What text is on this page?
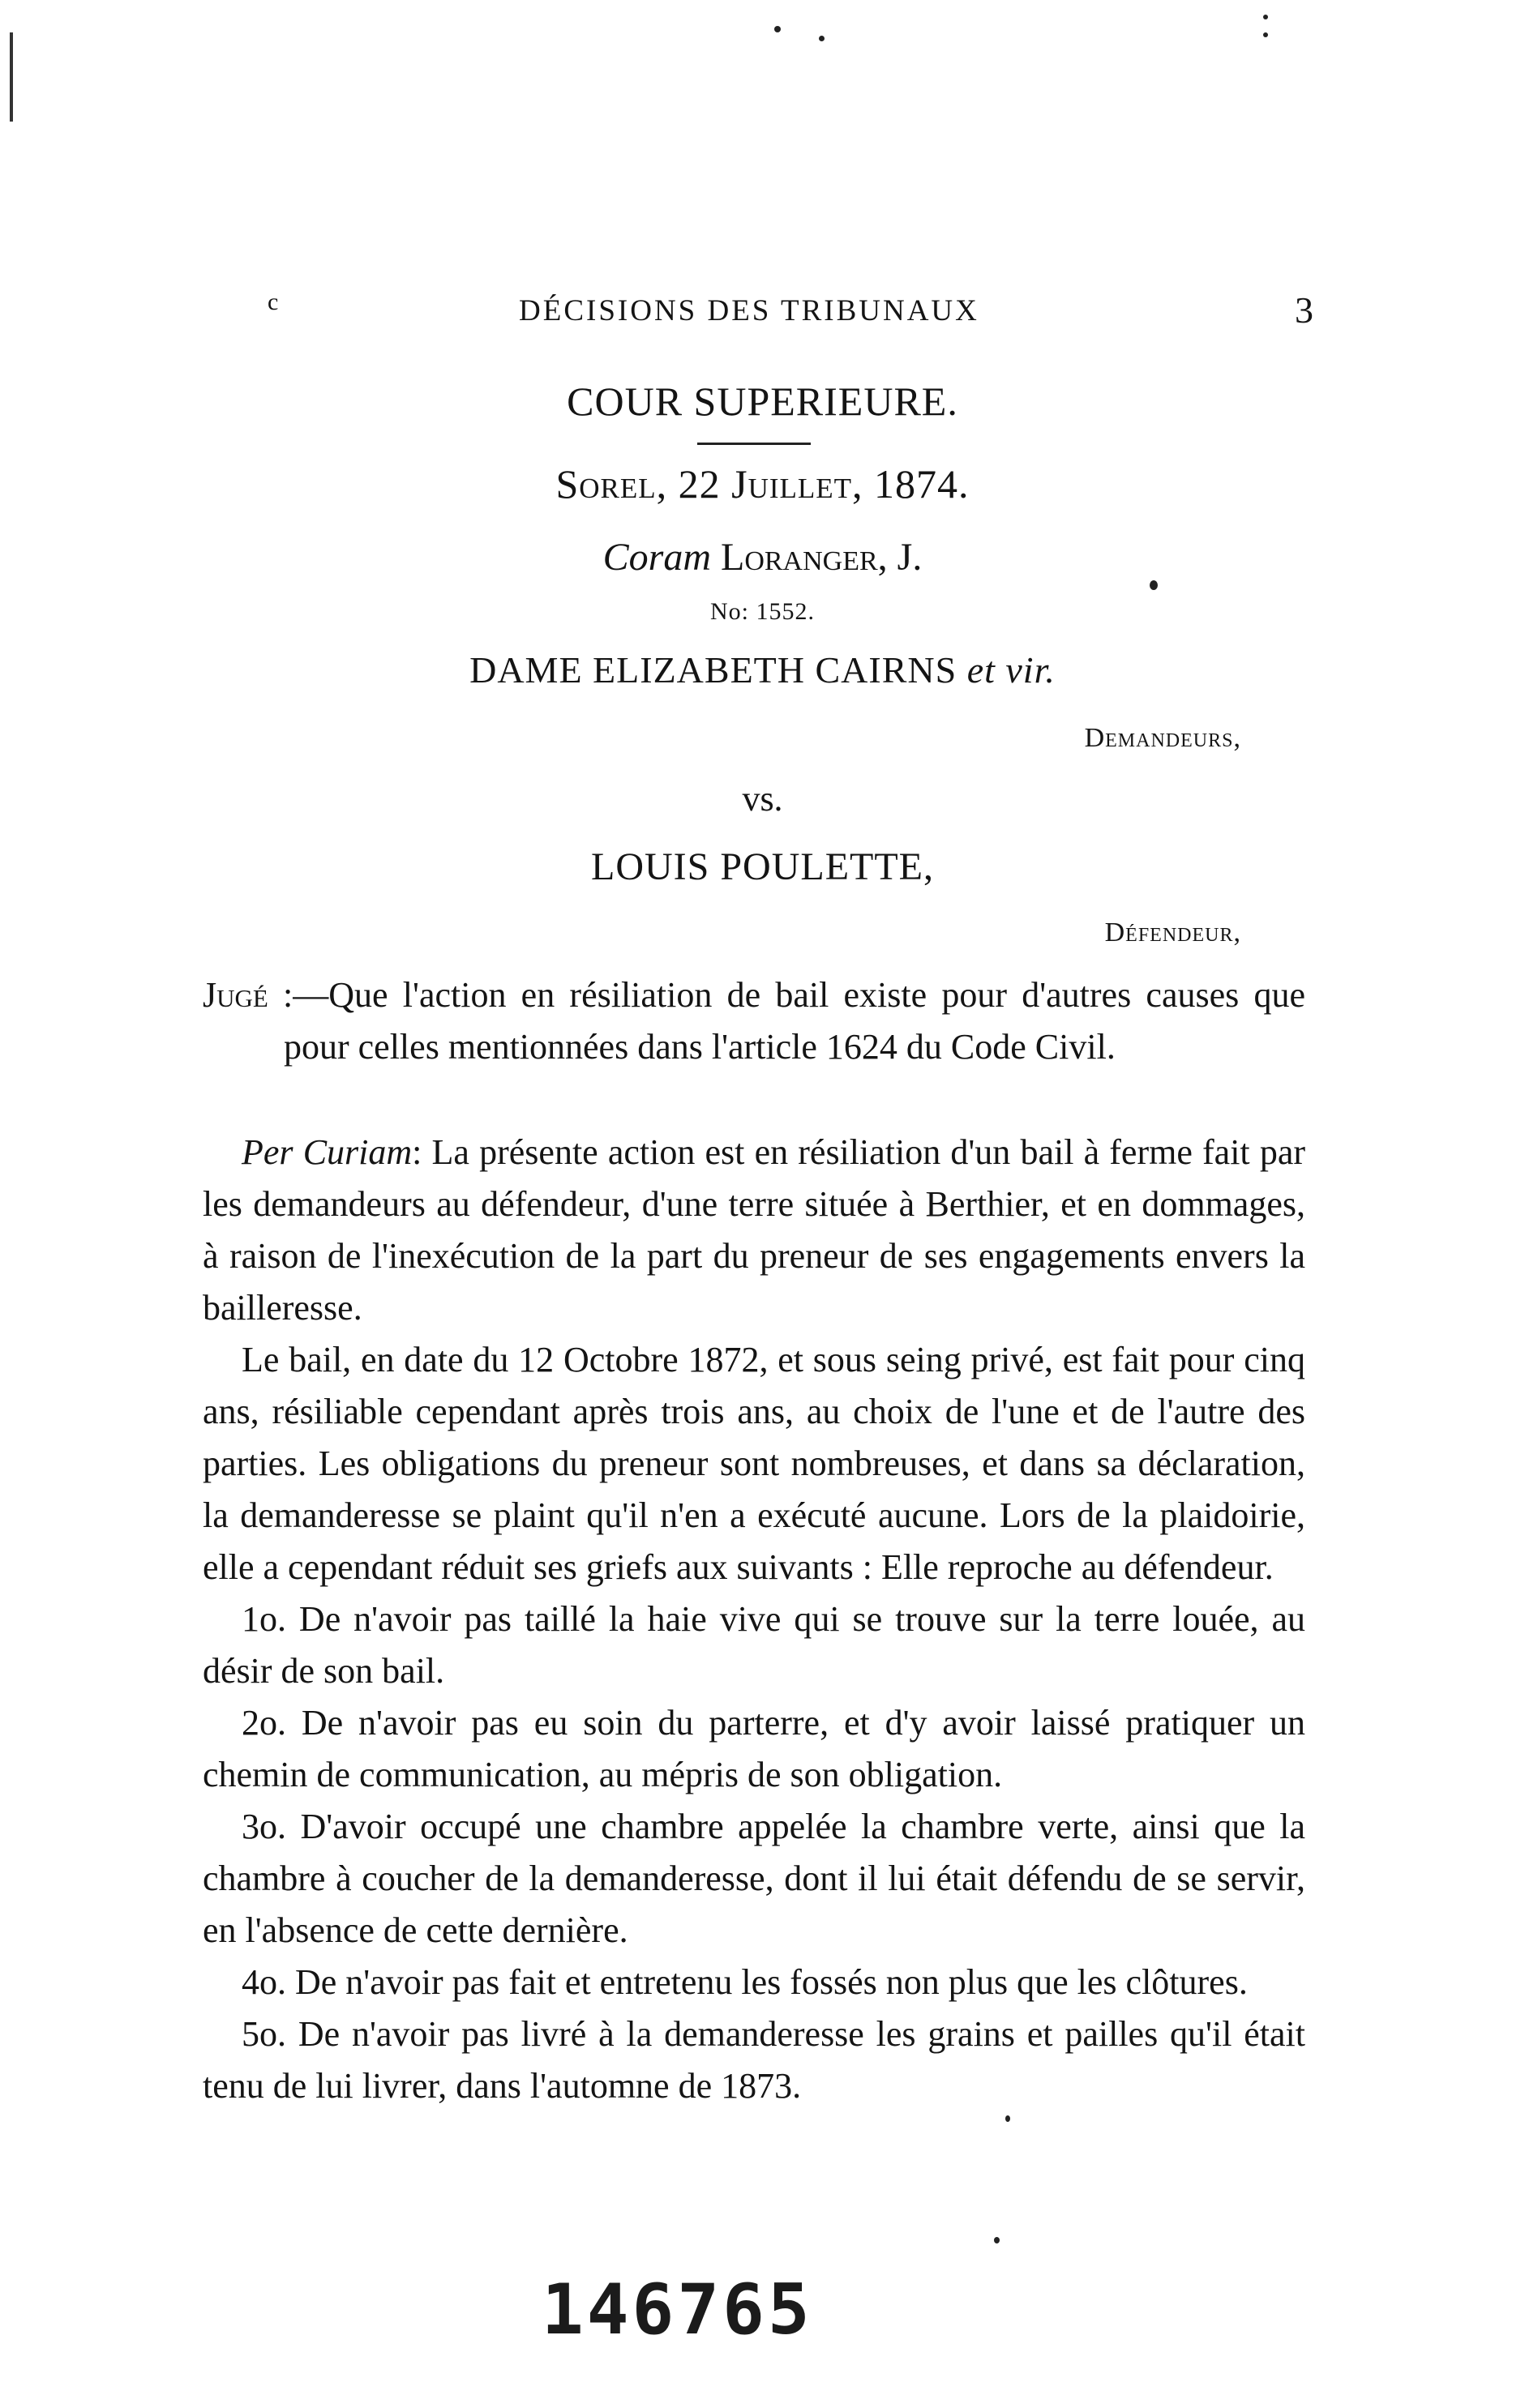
c	DÉCISIONS DES TRIBUNAUX	3
COUR SUPERIEURE.
Sorel, 22 Juillet, 1874.
Coram Loranger, J.
No: 1552.
DAME ELIZABETH CAIRNS et vir.
Demandeurs,
vs.
LOUIS POULETTE,
Défendeur,

Jugé :—Que l'action en résiliation de bail existe pour d'autres causes que pour celles mentionnées dans l'article 1624 du Code Civil.

Per Curiam: La présente action est en résiliation d'un bail à ferme fait par les demandeurs au défendeur, d'une terre située à Berthier, et en dommages, à raison de l'inexécution de la part du preneur de ses engagements envers la bailleresse.

Le bail, en date du 12 Octobre 1872, et sous seing privé, est fait pour cinq ans, résiliable cependant après trois ans, au choix de l'une et de l'autre des parties. Les obligations du preneur sont nombreuses, et dans sa déclaration, la demanderesse se plaint qu'il n'en a exécuté aucune. Lors de la plaidoirie, elle a cependant réduit ses griefs aux suivants : Elle reproche au défendeur.

1o. De n'avoir pas taillé la haie vive qui se trouve sur la terre louée, au désir de son bail.

2o. De n'avoir pas eu soin du parterre, et d'y avoir laissé pratiquer un chemin de communication, au mépris de son obligation.

3o. D'avoir occupé une chambre appelée la chambre verte, ainsi que la chambre à coucher de la demanderesse, dont il lui était défendu de se servir, en l'absence de cette dernière.

4o. De n'avoir pas fait et entretenu les fossés non plus que les clôtures.

5o. De n'avoir pas livré à la demanderesse les grains et pailles qu'il était tenu de lui livrer, dans l'automne de 1873.

146765
